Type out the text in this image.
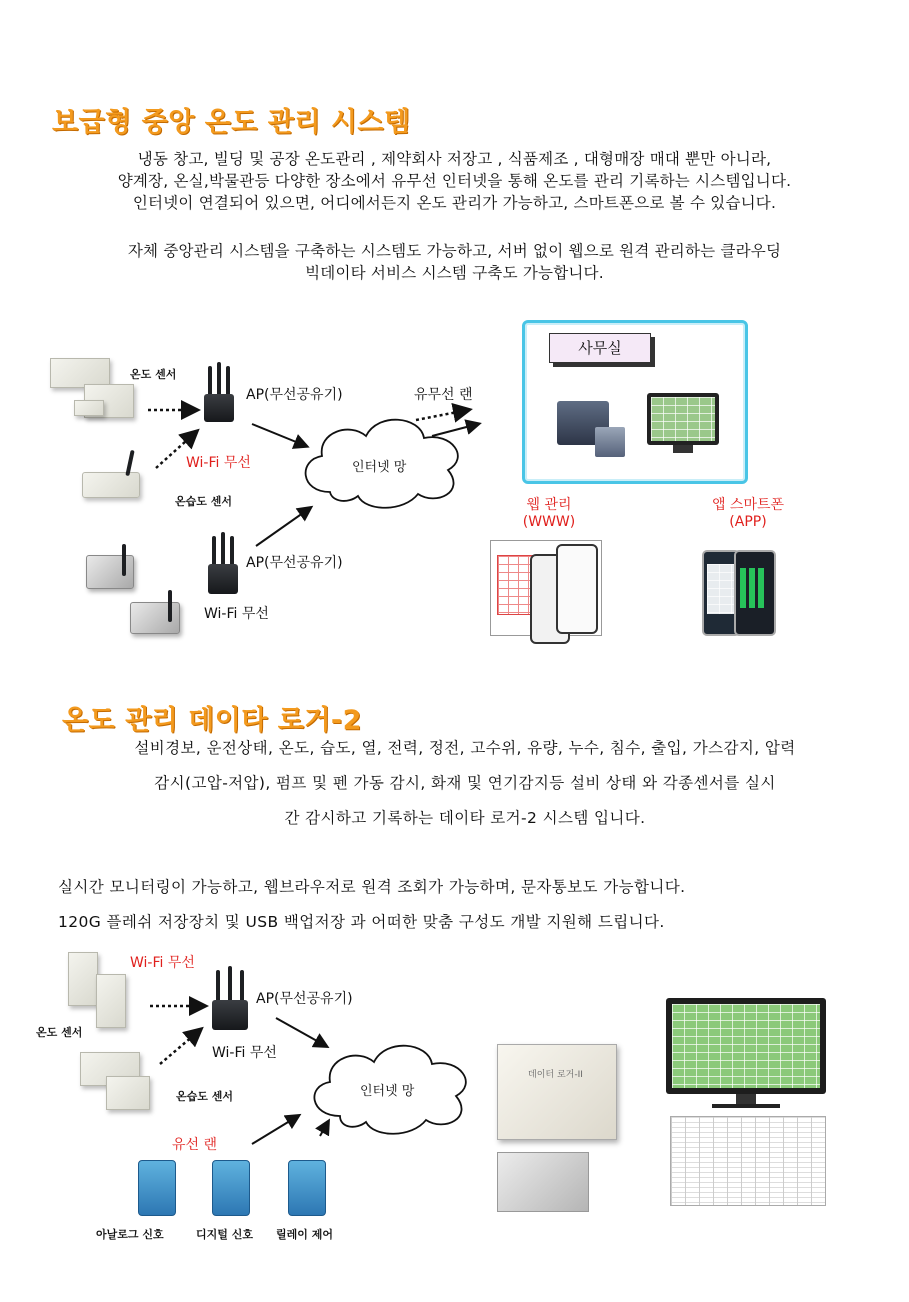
보급형 중앙 온도 관리 시스템
냉동 창고, 빌딩 및 공장 온도관리 , 제약회사 저장고 , 식품제조 , 대형매장 매대 뿐만 아니라,
양계장, 온실,박물관등 다양한 장소에서 유무선 인터넷을 통해 온도를 관리 기록하는 시스템입니다.
인터넷이 연결되어 있으면, 어디에서든지 온도 관리가 가능하고, 스마트폰으로 볼 수 있습니다.
자체 중앙관리 시스템을 구축하는 시스템도 가능하고, 서버 없이 웹으로 원격 관리하는 클라우딩
빅데이타 서비스 시스템 구축도 가능합니다.
온도 센서
온습도 센서
AP(무선공유기)
Wi-Fi 무선
AP(무선공유기)
Wi-Fi 무선
유무선 랜
인터넷 망
사무실
웹 관리
(WWW)
앱 스마트폰
(APP)
온도 관리 데이타 로거-2
설비경보, 운전상태, 온도, 습도, 열, 전력, 정전, 고수위, 유량, 누수, 침수, 출입, 가스감지, 압력
감시(고압-저압), 펌프 및 펜 가동 감시, 화재 및 연기감지등 설비 상태 와 각종센서를 실시
간 감시하고 기록하는 데이타 로거-2 시스템 입니다.
실시간 모니터링이 가능하고, 웹브라우저로 원격 조회가 가능하며, 문자통보도 가능합니다.
120G 플레쉬 저장장치 및 USB 백업저장 과 어떠한 맞춤 구성도 개발 지원해 드립니다.
Wi-Fi 무선
온도 센서
온습도 센서
AP(무선공유기)
Wi-Fi 무선
인터넷 망
유선 랜
아날로그 신호	디지털 신호 릴레이 제어
데이터 로거-II
